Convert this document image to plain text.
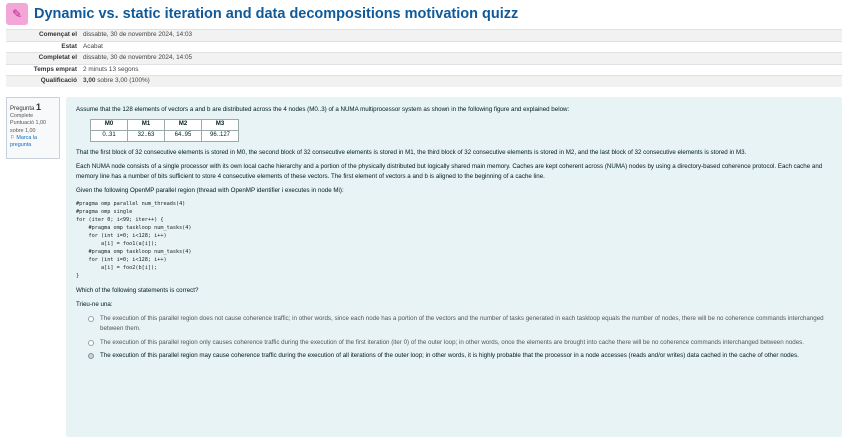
✎ Dynamic vs. static iteration and data decompositions motivation quizz
Començat el	dissabte, 30 de novembre 2024, 14:03
Estat	Acabat
Completat el	dissabte, 30 de novembre 2024, 14:05
Temps emprat	2 minuts 13 segons
Qualificació	3,00 sobre 3,00 (100%)

Pregunta 1

Complete
Puntuació 1,00
sobre 1,00
⚐ Marca la pregunta

Assume that the 128 elements of vectors a and b are distributed across the 4 nodes (M0..3) of a NUMA multiprocessor system as shown in the following figure and explained below:

M0	M1	M2	M3
0..31	32..63	64..95	96..127

That the first block of 32 consecutive elements is stored in M0, the second block of 32 consecutive elements is stored in M1, the third block of 32 consecutive elements is stored in M2, and the last block of 32 consecutive elements is stored in M3.

Each NUMA node consists of a single processor with its own local cache hierarchy and a portion of the physically distributed but logically shared main memory. Caches are kept coherent across (NUMA) nodes by using a directory-based coherence protocol. Each cache and memory line has a number of bits sufficient to store 4 consecutive elements of these vectors. The first element of vectors a and b is aligned to the beginning of a cache line.

Given the following OpenMP parallel region (thread with OpenMP identifier i executes in node Mi):

#pragma omp parallel num_threads(4)
#pragma omp single
for (iter 0; i<99; iter++) {
#pragma omp taskloop num_tasks(4)
for (int i=0; i<128; i++)
a[i] = foo1(a[i]);
#pragma omp taskloop num_tasks(4)
for (int i=0; i<128; i++)
a[i] = foo2(b[i]);
}

Which of the following statements is correct?

Trieu-ne una:

The execution of this parallel region does not cause coherence traffic; in other words, since each node has a portion of the vectors and the number of tasks generated in each taskloop equals the number of nodes, there will be no coherence commands interchanged between them.
The execution of this parallel region only causes coherence traffic during the execution of the first iteration (iter 0) of the outer loop; in other words, once the elements are brought into cache there will be no coherence commands interchanged between nodes.
The execution of this parallel region may cause coherence traffic during the execution of all iterations of the outer loop; in other words, it is highly probable that the processor in a node accesses (reads and/or writes) data cached in the cache of other nodes.
